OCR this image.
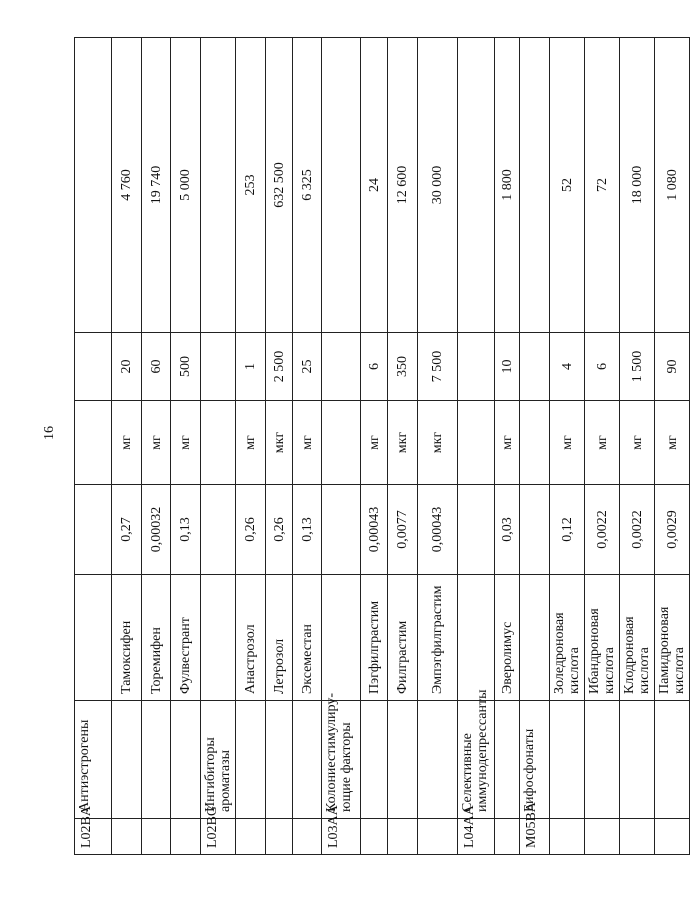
16
L02BA	Антиэстрогены					
		Тамоксифен	0,27	мг	20	4 760
		Торемифен	0,00032	мг	60	19 740
		Фулвестрант	0,13	мг	500	5 000
L02BG	Ингибиторы ароматазы					
		Анастрозол	0,26	мг	1	253
		Летрозол	0,26	мкг	2 500	632 500
		Эксеместан	0,13	мг	25	6 325
L03AA	Колониестимулиру-ющие факторы					
		Пэгфилграстим	0,00043	мг	6	24
		Филграстим	0,0077	мкг	350	12 600
		Эмпэгфилграстим	0,00043	мкг	7 500	30 000
L04AA	Селективные иммунодепрессанты					
		Эверолимус	0,03	мг	10	1 800
M05BA	Бифосфонаты					
		Золедроновая кислота	0,12	мг	4	52
		Ибандроновая кислота	0,0022	мг	6	72
		Клодроновая кислота	0,0022	мг	1 500	18 000
		Памидроновая кислота	0,0029	мг	90	1 080
